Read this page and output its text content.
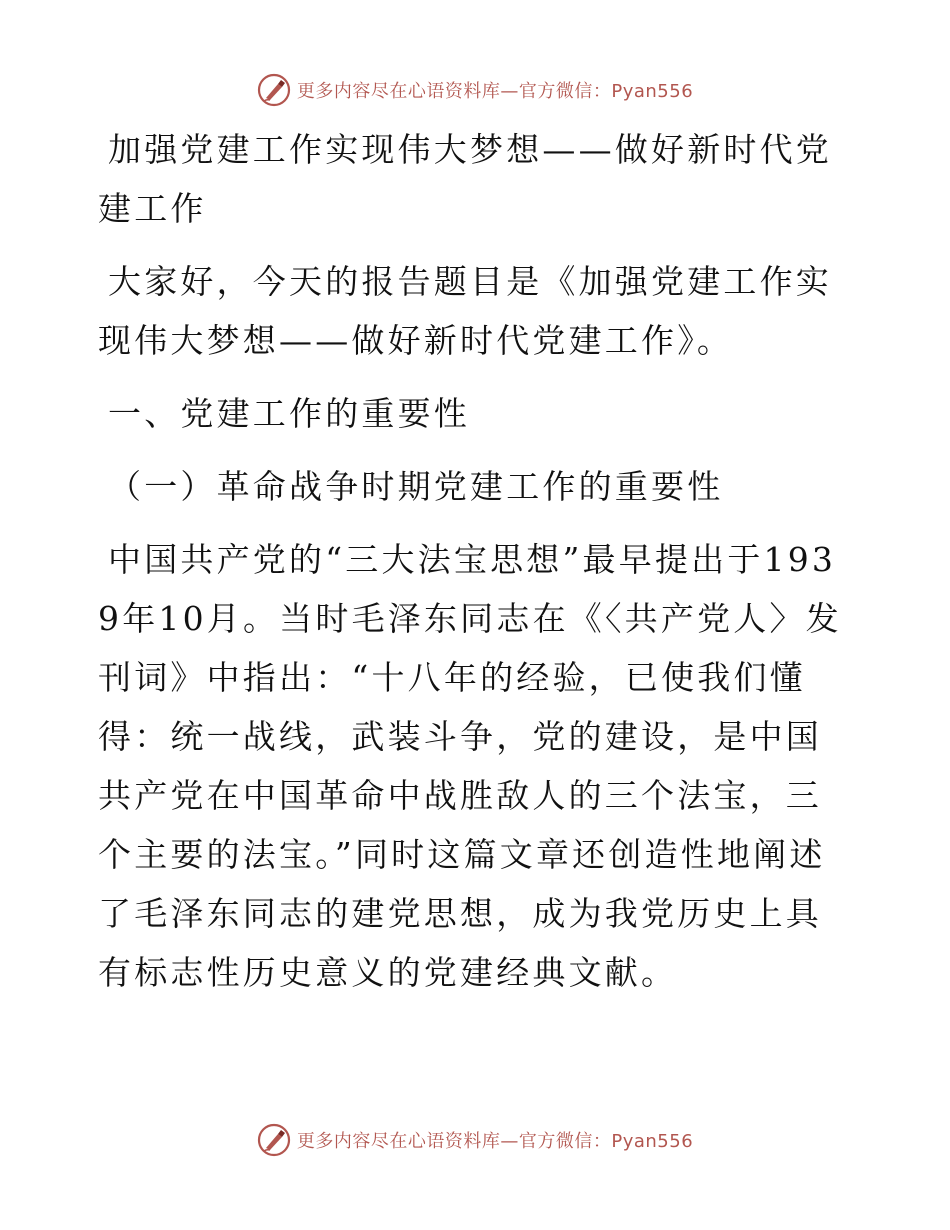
更多内容尽在心语资料库—官方微信：Pyan556

加强党建工作实现伟大梦想——做好新时代党建工作

大家好，今天的报告题目是《加强党建工作实现伟大梦想——做好新时代党建工作》。

一、党建工作的重要性

（一）革命战争时期党建工作的重要性

中国共产党的“三大法宝思想”最早提出于1939年10月。当时毛泽东同志在《〈共产党人〉发刊词》中指出：“十八年的经验，已使我们懂得：统一战线，武装斗争，党的建设，是中国共产党在中国革命中战胜敌人的三个法宝，三个主要的法宝。”同时这篇文章还创造性地阐述了毛泽东同志的建党思想，成为我党历史上具有标志性历史意义的党建经典文献。

更多内容尽在心语资料库—官方微信：Pyan556
